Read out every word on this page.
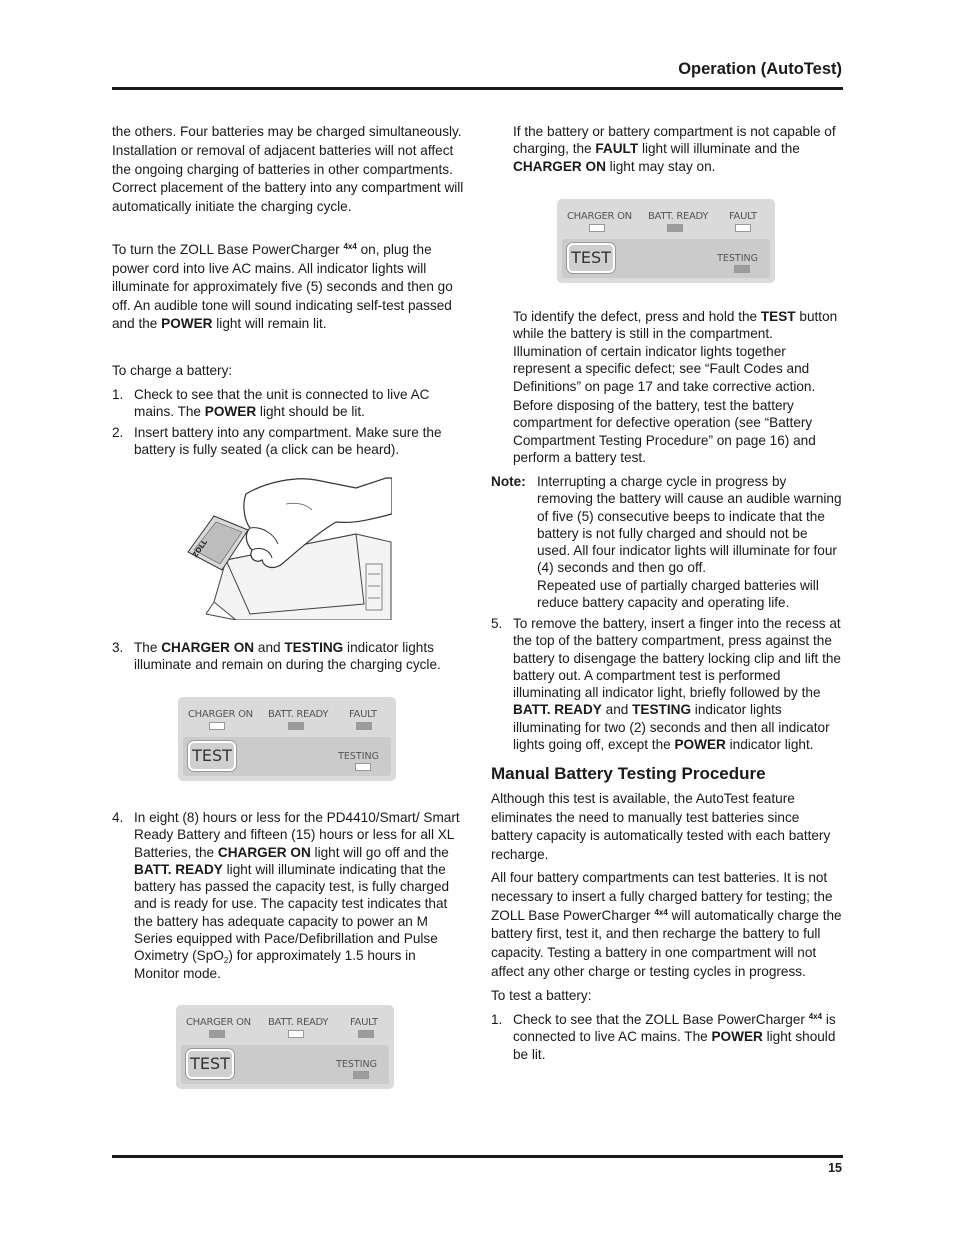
Operation (AutoTest)

the others. Four batteries may be charged simultaneously. Installation or removal of adjacent batteries will not affect the ongoing charging of batteries in other compartments. Correct placement of the battery into any compartment will automatically initiate the charging cycle.

To turn the ZOLL Base PowerCharger $^{4x4}$ on, plug the power cord into live AC mains. All indicator lights will illuminate for approximately five (5) seconds and then go off. An audible tone will sound indicating self-test passed and the POWER light will remain lit.

To charge a battery:

1. Check to see that the unit is connected to live AC mains. The POWER light should be lit.
2. Insert battery into any compartment. Make sure the battery is fully seated (a click can be heard).
ZOLL
3. The CHARGER ON and TESTING indicator lights illuminate and remain on during the charging cycle.
CHARGER ON BATT. READY FAULT
TEST	TESTING
4. In eight (8) hours or less for the PD4410/Smart/ Smart Ready Battery and fifteen (15) hours or less for all XL Batteries, the CHARGER ON light will go off and the BATT. READY light will illuminate indicating that the battery has passed the capacity test, is fully charged and is ready for use. The capacity test indicates that the battery has adequate capacity to power an M Series equipped with Pace/Defibrillation and Pulse Oximetry (SpO$_2$) for approximately 1.5 hours in Monitor mode.
CHARGER ON BATT. READY FAULT
TEST	TESTING

If the battery or battery compartment is not capable of charging, the FAULT light will illuminate and the CHARGER ON light may stay on.

CHARGER ON BATT. READY FAULT
TEST	TESTING

To identify the defect, press and hold the TEST button while the battery is still in the compartment. Illumination of certain indicator lights together represent a specific defect; see “Fault Codes and Definitions” on page 17 and take corrective action.

Before disposing of the battery, test the battery compartment for defective operation (see “Battery Compartment Testing Procedure” on page 16) and perform a battery test.

Note: Interrupting a charge cycle in progress by removing the battery will cause an audible warning of five (5) consecutive beeps to indicate that the battery is not fully charged and should not be used. All four indicator lights will illuminate for four (4) seconds and then go off.

Repeated use of partially charged batteries will reduce battery capacity and operating life.

5. To remove the battery, insert a finger into the recess at the top of the battery compartment, press against the battery to disengage the battery locking clip and lift the battery out. A compartment test is performed illuminating all indicator light, briefly followed by the BATT. READY and TESTING indicator lights illuminating for two (2) seconds and then all indicator lights going off, except the POWER indicator light.
Manual Battery Testing Procedure

Although this test is available, the AutoTest feature eliminates the need to manually test batteries since battery capacity is automatically tested with each battery recharge.

All four battery compartments can test batteries. It is not necessary to insert a fully charged battery for testing; the ZOLL Base PowerCharger $^{4x4}$ will automatically charge the battery first, test it, and then recharge the battery to full capacity. Testing a battery in one compartment will not affect any other charge or testing cycles in progress.

To test a battery:

1. Check to see that the ZOLL Base PowerCharger $^{4x4}$ is connected to live AC mains. The POWER light should be lit.
15
